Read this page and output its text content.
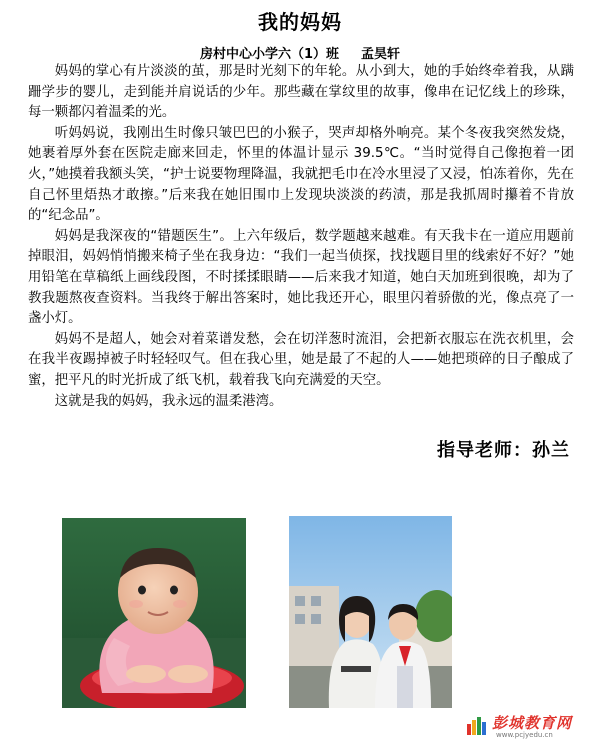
我的妈妈
房村中心小学六（1）班 孟昊轩

妈妈的掌心有片淡淡的茧，那是时光刻下的年轮。从小到大，她的手始终牵着我，从蹒跚学步的婴儿，走到能并肩说话的少年。那些藏在掌纹里的故事，像串在记忆线上的珍珠，每一颗都闪着温柔的光。

听妈妈说，我刚出生时像只皱巴巴的小猴子，哭声却格外响亮。某个冬夜我突然发烧，她裹着厚外套在医院走廊来回走，怀里的体温计显示 39.5℃。“当时觉得自己像抱着一团火，”她摸着我额头笑，“护士说要物理降温，我就把毛巾在冷水里浸了又浸，怕冻着你，先在自己怀里焐热才敢擦。”后来我在她旧围巾上发现块淡淡的药渍，那是我抓周时攥着不肯放的“纪念品”。

妈妈是我深夜的“错题医生”。上六年级后，数学题越来越难。有天我卡在一道应用题前掉眼泪，妈妈悄悄搬来椅子坐在我身边：“我们一起当侦探，找找题目里的线索好不好？”她用铅笔在草稿纸上画线段图，不时揉揉眼睛——后来我才知道，她白天加班到很晚，却为了教我题熬夜查资料。当我终于解出答案时，她比我还开心，眼里闪着骄傲的光，像点亮了一盏小灯。

妈妈不是超人，她会对着菜谱发愁，会在切洋葱时流泪，会把新衣服忘在洗衣机里，会在我半夜踢掉被子时轻轻叹气。但在我心里，她是最了不起的人——她把琐碎的日子酿成了蜜，把平凡的时光折成了纸飞机，载着我飞向充满爱的天空。

这就是我的妈妈，我永远的温柔港湾。

指导老师：孙兰
彭城教育网
www.pcjyedu.cn
